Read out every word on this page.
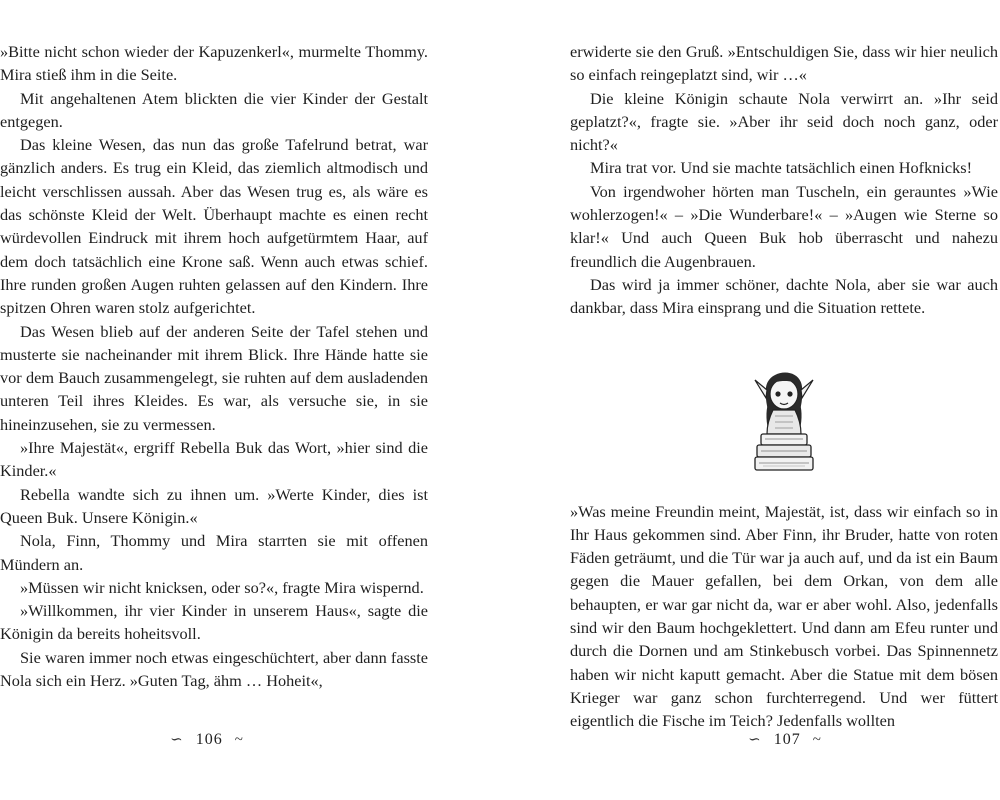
»Bitte nicht schon wieder der Kapuzenkerl«, murmelte Thommy. Mira stieß ihm in die Seite.

Mit angehaltenen Atem blickten die vier Kinder der Gestalt entgegen.

Das kleine Wesen, das nun das große Tafelrund betrat, war gänzlich anders. Es trug ein Kleid, das ziemlich altmodisch und leicht verschlissen aussah. Aber das Wesen trug es, als wäre es das schönste Kleid der Welt. Überhaupt machte es einen recht würdevollen Eindruck mit ihrem hoch aufgetürmtem Haar, auf dem doch tatsächlich eine Krone saß. Wenn auch etwas schief. Ihre runden großen Augen ruhten gelassen auf den Kindern. Ihre spitzen Ohren waren stolz aufgerichtet.

Das Wesen blieb auf der anderen Seite der Tafel stehen und musterte sie nacheinander mit ihrem Blick. Ihre Hände hatte sie vor dem Bauch zusammengelegt, sie ruhten auf dem ausladenden unteren Teil ihres Kleides. Es war, als versuche sie, in sie hineinzusehen, sie zu vermessen.

»Ihre Majestät«, ergriff Rebella Buk das Wort, »hier sind die Kinder.«

Rebella wandte sich zu ihnen um. »Werte Kinder, dies ist Queen Buk. Unsere Königin.«

Nola, Finn, Thommy und Mira starrten sie mit offenen Mündern an.

»Müssen wir nicht knicksen, oder so?«, fragte Mira wispernd.

»Willkommen, ihr vier Kinder in unserem Haus«, sagte die Königin da bereits hoheitsvoll.

Sie waren immer noch etwas eingeschüchtert, aber dann fasste Nola sich ein Herz. »Guten Tag, ähm … Hoheit«,

erwiderte sie den Gruß. »Entschuldigen Sie, dass wir hier neulich so einfach reingeplatzt sind, wir …«

Die kleine Königin schaute Nola verwirrt an. »Ihr seid geplatzt?«, fragte sie. »Aber ihr seid doch noch ganz, oder nicht?«

Mira trat vor. Und sie machte tatsächlich einen Hofknicks!

Von irgendwoher hörten man Tuscheln, ein geraunte​s »Wie wohlerzogen!« – »Die Wunderbare!« – »Augen wie Sterne so klar!« Und auch Queen Buk hob überrascht und nahezu freundlich die Augenbrauen.

Das wird ja immer schöner, dachte Nola, aber sie war auch dankbar, dass Mira einsprang und die Situation rettete.

»Was meine Freundin meint, Majestät, ist, dass wir einfach so in Ihr Haus gekommen sind. Aber Finn, ihr Bruder, hatte von roten Fäden geträumt, und die Tür war ja auch auf, und da ist ein Baum gegen die Mauer gefallen, bei dem Orkan, von dem alle behaupten, er war gar nicht da, war er aber wohl. Also, jedenfalls sind wir den Baum hochgeklettert. Und dann am Efeu runter und durch die Dornen und am Stinkebusch vorbei. Das Spinnennetz haben wir nicht kaputt gemacht. Aber die Statue mit dem bösen Krieger war ganz schon furchterregend. Und wer füttert eigentlich die Fische im Teich? Jedenfalls wollten

∽ 106 ~	∽ 107 ~
